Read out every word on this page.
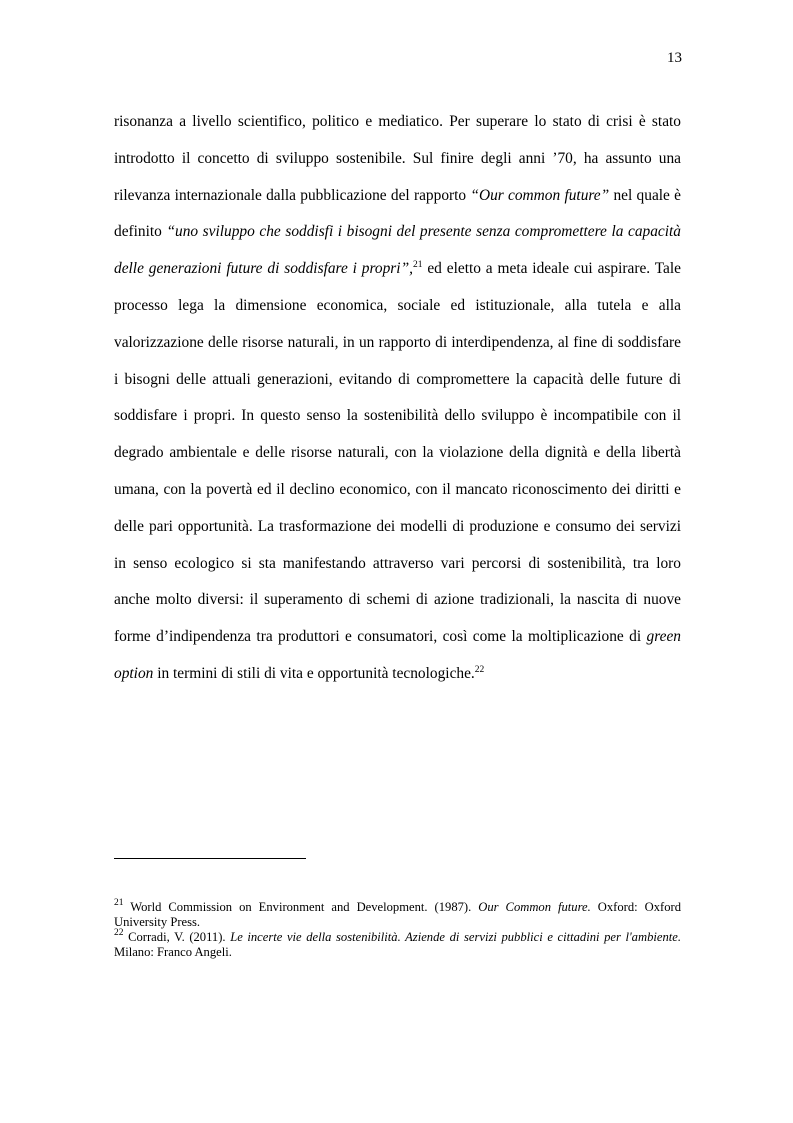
13

risonanza a livello scientifico, politico e mediatico. Per superare lo stato di crisi è stato introdotto il concetto di sviluppo sostenibile. Sul finire degli anni ’70, ha assunto una rilevanza internazionale dalla pubblicazione del rapporto “Our common future” nel quale è definito “uno sviluppo che soddisfi i bisogni del presente senza compromettere la capacità delle generazioni future di soddisfare i propri”,$^{21}$ ed eletto a meta ideale cui aspirare. Tale processo lega la dimensione economica, sociale ed istituzionale, alla tutela e alla valorizzazione delle risorse naturali, in un rapporto di interdipendenza, al fine di soddisfare i bisogni delle attuali generazioni, evitando di compromettere la capacità delle future di soddisfare i propri. In questo senso la sostenibilità dello sviluppo è incompatibile con il degrado ambientale e delle risorse naturali, con la violazione della dignità e della libertà umana, con la povertà ed il declino economico, con il mancato riconoscimento dei diritti e delle pari opportunità. La trasformazione dei modelli di produzione e consumo dei servizi in senso ecologico si sta manifestando attraverso vari percorsi di sostenibilità, tra loro anche molto diversi: il superamento di schemi di azione tradizionali, la nascita di nuove forme d’indipendenza tra produttori e consumatori, così come la moltiplicazione di green option in termini di stili di vita e opportunità tecnologiche.$^{22}$

$^{21}$ World Commission on Environment and Development. (1987). Our Common future. Oxford: Oxford University Press.

$^{22}$ Corradi, V. (2011). Le incerte vie della sostenibilità. Aziende di servizi pubblici e cittadini per l'ambiente. Milano: Franco Angeli.
